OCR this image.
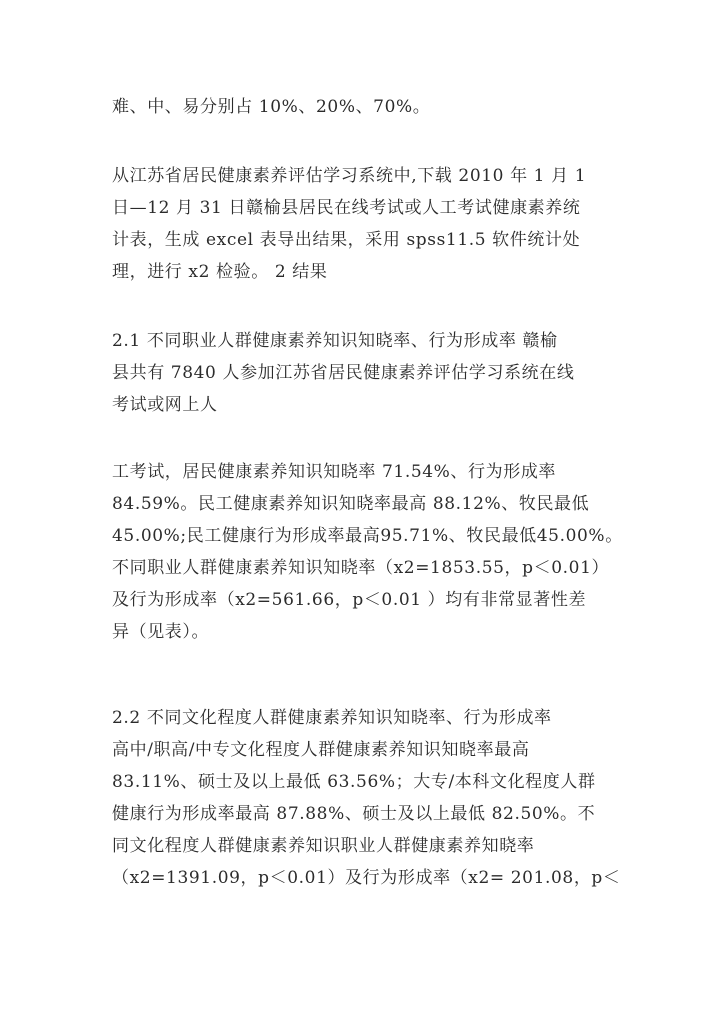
难、中、易分别占 10%、20%、70%。

从江苏省居民健康素养评估学习系统中,下载 2010 年 1 月 1
日—12 月 31 日赣榆县居民在线考试或人工考试健康素养统
计表，生成 excel 表导出结果，采用 spss11.5 软件统计处
理，进行 x2 检验。 2 结果

2.1 不同职业人群健康素养知识知晓率、行为形成率 赣榆
县共有 7840 人参加江苏省居民健康素养评估学习系统在线
考试或网上人

工考试，居民健康素养知识知晓率 71.54%、行为形成率
84.59%。民工健康素养知识知晓率最高 88.12%、牧民最低
45.00%;民工健康行为形成率最高95.71%、牧民最低45.00%。
不同职业人群健康素养知识知晓率（x2=1853.55，p＜0.01）
及行为形成率（x2=561.66，p＜0.01 ）均有非常显著性差
异（见表）。

2.2 不同文化程度人群健康素养知识知晓率、行为形成率
高中/职高/中专文化程度人群健康素养知识知晓率最高
83.11%、硕士及以上最低 63.56%；大专/本科文化程度人群
健康行为形成率最高 87.88%、硕士及以上最低 82.50%。不
同文化程度人群健康素养知识职业人群健康素养知晓率
（x2=1391.09，p＜0.01）及行为形成率（x2= 201.08，p＜
